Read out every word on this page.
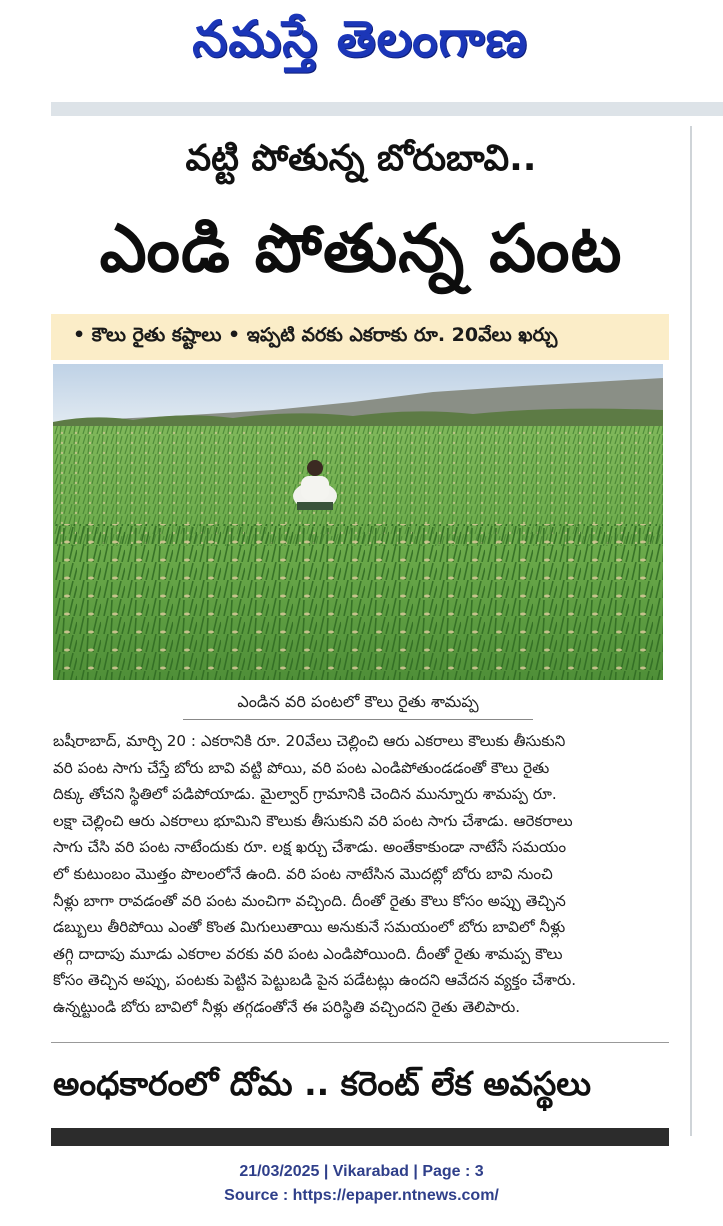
నమస్తే తెలంగాణ
వట్టి పోతున్న బోరుబావి..
ఎండి పోతున్న పంట
• కౌలు రైతు కష్టాలు • ఇప్పటి వరకు ఎకరాకు రూ. 20వేలు ఖర్చు
ఎండిన వరి పంటలో కౌలు రైతు శామప్ప
బషీరాబాద్, మార్చి 20 : ఎకరానికి రూ. 20వేలు చెల్లించి ఆరు ఎకరాలు కౌలుకు తీసుకుని
వరి పంట సాగు చేస్తే బోరు బావి వట్టి పోయి, వరి పంట ఎండిపోతుండడంతో కౌలు రైతు
దిక్కు తోచని స్థితిలో పడిపోయాడు. మైల్వార్ గ్రామానికి చెందిన మున్నూరు శామప్ప రూ.
లక్షా చెల్లించి ఆరు ఎకరాలు భూమిని కౌలుకు తీసుకుని వరి పంట సాగు చేశాడు. ఆరెకరాలు
సాగు చేసి వరి పంట నాటేందుకు రూ. లక్ష ఖర్చు చేశాడు. అంతేకాకుండా నాటేసే సమయం
లో కుటుంబం మొత్తం పొలంలోనే ఉంది. వరి పంట నాటేసిన మొదట్లో బోరు బావి నుంచి
నీళ్లు బాగా రావడంతో వరి పంట మంచిగా వచ్చింది. దీంతో రైతు కౌలు కోసం అప్పు తెచ్చిన
డబ్బులు తీరిపోయి ఎంతో కొంత మిగులుతాయి అనుకునే సమయంలో బోరు బావిలో నీళ్లు
తగ్గి దాదాపు మూడు ఎకరాల వరకు వరి పంట ఎండిపోయింది. దీంతో రైతు శామప్ప కౌలు
కోసం తెచ్చిన అప్పు, పంటకు పెట్టిన పెట్టుబడి పైన పడేటట్లు ఉందని ఆవేదన వ్యక్తం చేశారు.
ఉన్నట్టుండి బోరు బావిలో నీళ్లు తగ్గడంతోనే ఈ పరిస్థితి వచ్చిందని రైతు తెలిపారు.
అంధకారంలో దోమ .. కరెంట్ లేక అవస్థలు
21/03/2025 | Vikarabad | Page : 3
Source : https://epaper.ntnews.com/
